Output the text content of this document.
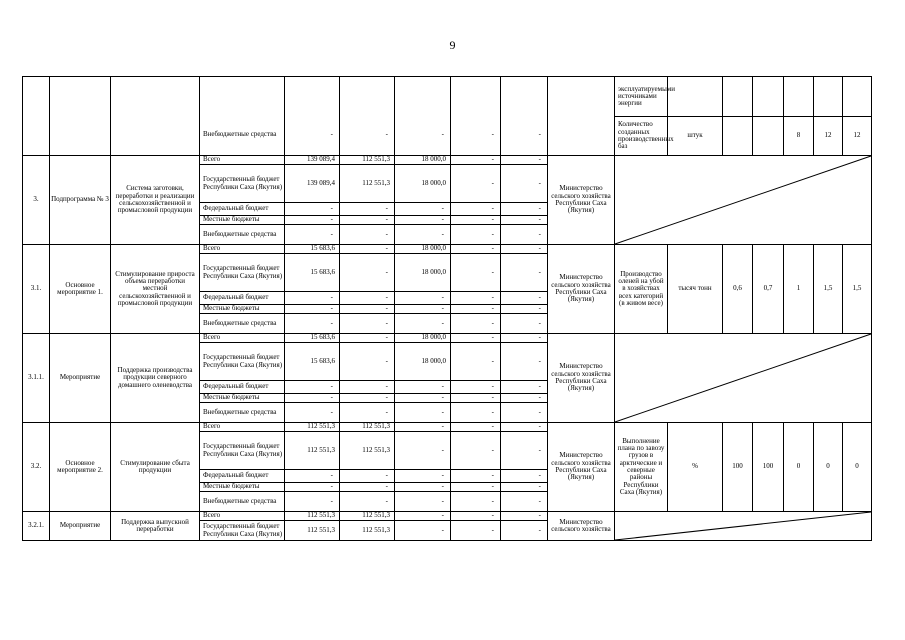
9
			Внебюджетные средства	-	-	-	-	-		эксплуатируемыми источниками энергии						
										Количество созданных производственных баз	штук			8	12	12
3.	Подпрограмма № 3	Система заготовки, переработки и реализации сельскохозяйственной и промысловой продукции	Всего	139 089,4	112 551,3	18 000,0	-	-	Министерство сельского хозяйства Республики Саха (Якутия)	

			Государственный бюджет Республики Саха (Якутия)	139 089,4	112 551,3	18 000,0	-	-								
			Федеральный бюджет	-	-	-	-	-								
			Местные бюджеты	-	-	-	-	-								
			Внебюджетные средства	-	-	-	-	-								
3.1.	Основное мероприятие 1.	Стимулирование прироста объема переработки местной сельскохозяйственной и промысловой продукции	Всего	15 683,6	-	18 000,0	-	-	Министерство сельского хозяйства Республики Саха (Якутия)	Производство оленей на убой в хозяйствах всех категорий (в живом весе)	тысяч тонн	0,6	0,7	1	1,5	1,5
			Государственный бюджет Республики Саха (Якутия)	15 683,6	-	18 000,0	-	-								
			Федеральный бюджет	-	-	-	-	-								
			Местные бюджеты	-	-	-	-	-								
			Внебюджетные средства	-	-	-	-	-								
3.1.1.	Мероприятие	Поддержка производства продукции северного домашнего оленеводства	Всего	15 683,6	-	18 000,0	-	-	Министерство сельского хозяйства Республики Саха (Якутия)	

			Государственный бюджет Республики Саха (Якутия)	15 683,6	-	18 000,0	-	-								
			Федеральный бюджет	-	-	-	-	-								
			Местные бюджеты	-	-	-	-	-								
			Внебюджетные средства	-	-	-	-	-								
3.2.	Основное мероприятие 2.	Стимулирование сбыта продукции	Всего	112 551,3	112 551,3	-	-	-	Министерство сельского хозяйства Республики Саха (Якутия)	Выполнение плана по завозу грузов в арктические и северные районы Республики Саха (Якутия)	%	100	100	0	0	0
			Государственный бюджет Республики Саха (Якутия)	112 551,3	112 551,3	-	-	-								
			Федеральный бюджет	-	-	-	-	-								
			Местные бюджеты	-	-	-	-	-								
			Внебюджетные средства	-	-	-	-	-								
3.2.1.	Мероприятие	Поддержка выпускной переработки	Всего	112 551,3	112 551,3	-	-	-	Министерство сельского хозяйства	

			Государственный бюджет Республики Саха (Якутия)	112 551,3	112 551,3	-	-	-								
